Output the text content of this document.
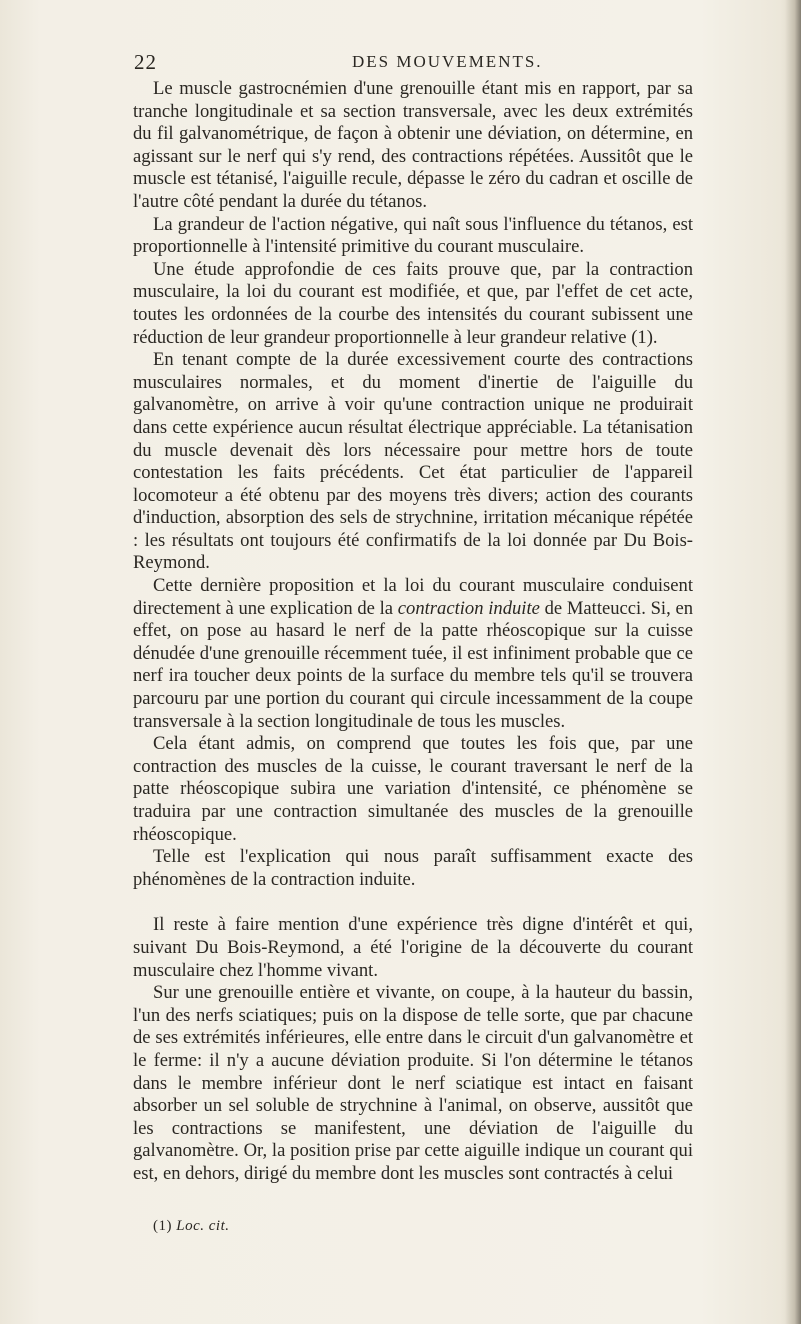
22	DES MOUVEMENTS.

Le muscle gastrocnémien d'une grenouille étant mis en rapport, par sa tranche longitudinale et sa section transversale, avec les deux extrémités du fil galvanométrique, de façon à obtenir une déviation, on détermine, en agissant sur le nerf qui s'y rend, des contractions répétées. Aussitôt que le muscle est tétanisé, l'aiguille recule, dépasse le zéro du cadran et oscille de l'autre côté pendant la durée du tétanos.

La grandeur de l'action négative, qui naît sous l'influence du tétanos, est proportionnelle à l'intensité primitive du courant musculaire.

Une étude approfondie de ces faits prouve que, par la contraction musculaire, la loi du courant est modifiée, et que, par l'effet de cet acte, toutes les ordonnées de la courbe des intensités du courant subissent une réduction de leur grandeur proportionnelle à leur grandeur relative (1).

En tenant compte de la durée excessivement courte des contractions musculaires normales, et du moment d'inertie de l'aiguille du galvanomètre, on arrive à voir qu'une contraction unique ne produirait dans cette expérience aucun résultat électrique appréciable. La tétanisation du muscle devenait dès lors nécessaire pour mettre hors de toute contestation les faits précédents. Cet état particulier de l'appareil locomoteur a été obtenu par des moyens très divers; action des courants d'induction, absorption des sels de strychnine, irritation mécanique répétée : les résultats ont toujours été confirmatifs de la loi donnée par Du Bois-Reymond.

Cette dernière proposition et la loi du courant musculaire conduisent directement à une explication de la contraction induite de Matteucci. Si, en effet, on pose au hasard le nerf de la patte rhéoscopique sur la cuisse dénudée d'une grenouille récemment tuée, il est infiniment probable que ce nerf ira toucher deux points de la surface du membre tels qu'il se trouvera parcouru par une portion du courant qui circule incessamment de la coupe transversale à la section longitudinale de tous les muscles.

Cela étant admis, on comprend que toutes les fois que, par une contraction des muscles de la cuisse, le courant traversant le nerf de la patte rhéoscopique subira une variation d'intensité, ce phénomène se traduira par une contraction simultanée des muscles de la grenouille rhéoscopique.

Telle est l'explication qui nous paraît suffisamment exacte des phénomènes de la contraction induite.

Il reste à faire mention d'une expérience très digne d'intérêt et qui, suivant Du Bois-Reymond, a été l'origine de la découverte du courant musculaire chez l'homme vivant.

Sur une grenouille entière et vivante, on coupe, à la hauteur du bassin, l'un des nerfs sciatiques; puis on la dispose de telle sorte, que par chacune de ses extrémités inférieures, elle entre dans le circuit d'un galvanomètre et le ferme: il n'y a aucune déviation produite. Si l'on détermine le tétanos dans le membre inférieur dont le nerf sciatique est intact en faisant absorber un sel soluble de strychnine à l'animal, on observe, aussitôt que les contractions se manifestent, une déviation de l'aiguille du galvanomètre. Or, la position prise par cette aiguille indique un courant qui est, en dehors, dirigé du membre dont les muscles sont contractés à celui

(1) Loc. cit.
